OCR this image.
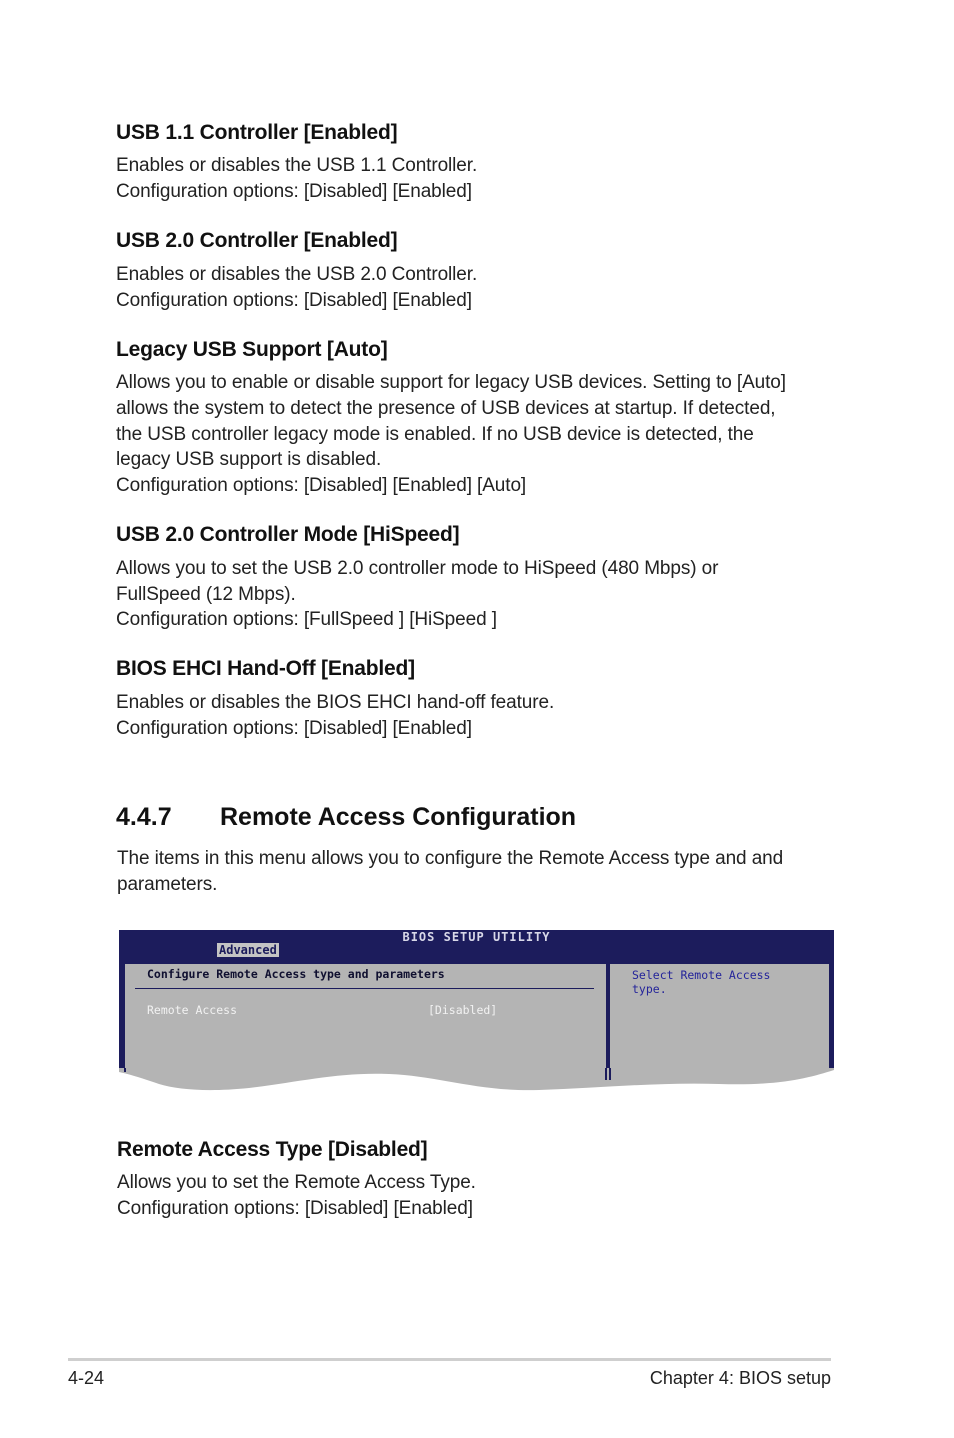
USB 1.1 Controller [Enabled]
Enables or disables the USB 1.1 Controller.
Configuration options: [Disabled] [Enabled]
USB 2.0 Controller [Enabled]
Enables or disables the USB 2.0 Controller.
Configuration options: [Disabled] [Enabled]
Legacy USB Support [Auto]
Allows you to enable or disable support for legacy USB devices. Setting to [Auto]
allows the system to detect the presence of USB devices at startup. If detected,
the USB controller legacy mode is enabled. If no USB device is detected, the
legacy USB support is disabled.
Configuration options: [Disabled] [Enabled] [Auto]
USB 2.0 Controller Mode [HiSpeed]
Allows you to set the USB 2.0 controller mode to HiSpeed (480 Mbps) or
FullSpeed (12 Mbps).
Configuration options: [FullSpeed ] [HiSpeed ]
BIOS EHCI Hand-Off [Enabled]
Enables or disables the BIOS EHCI hand-off feature.
Configuration options: [Disabled] [Enabled]
4.4.7 Remote Access Configuration
The items in this menu allows you to configure the Remote Access type and and
parameters.
BIOS SETUP UTILITY
Advanced
Configure Remote Access type and parameters
Remote Access	[Disabled]
Select Remote Access
type.
Remote Access Type [Disabled]
Allows you to set the Remote Access Type.
Configuration options: [Disabled] [Enabled]
4-24	Chapter 4: BIOS setup
